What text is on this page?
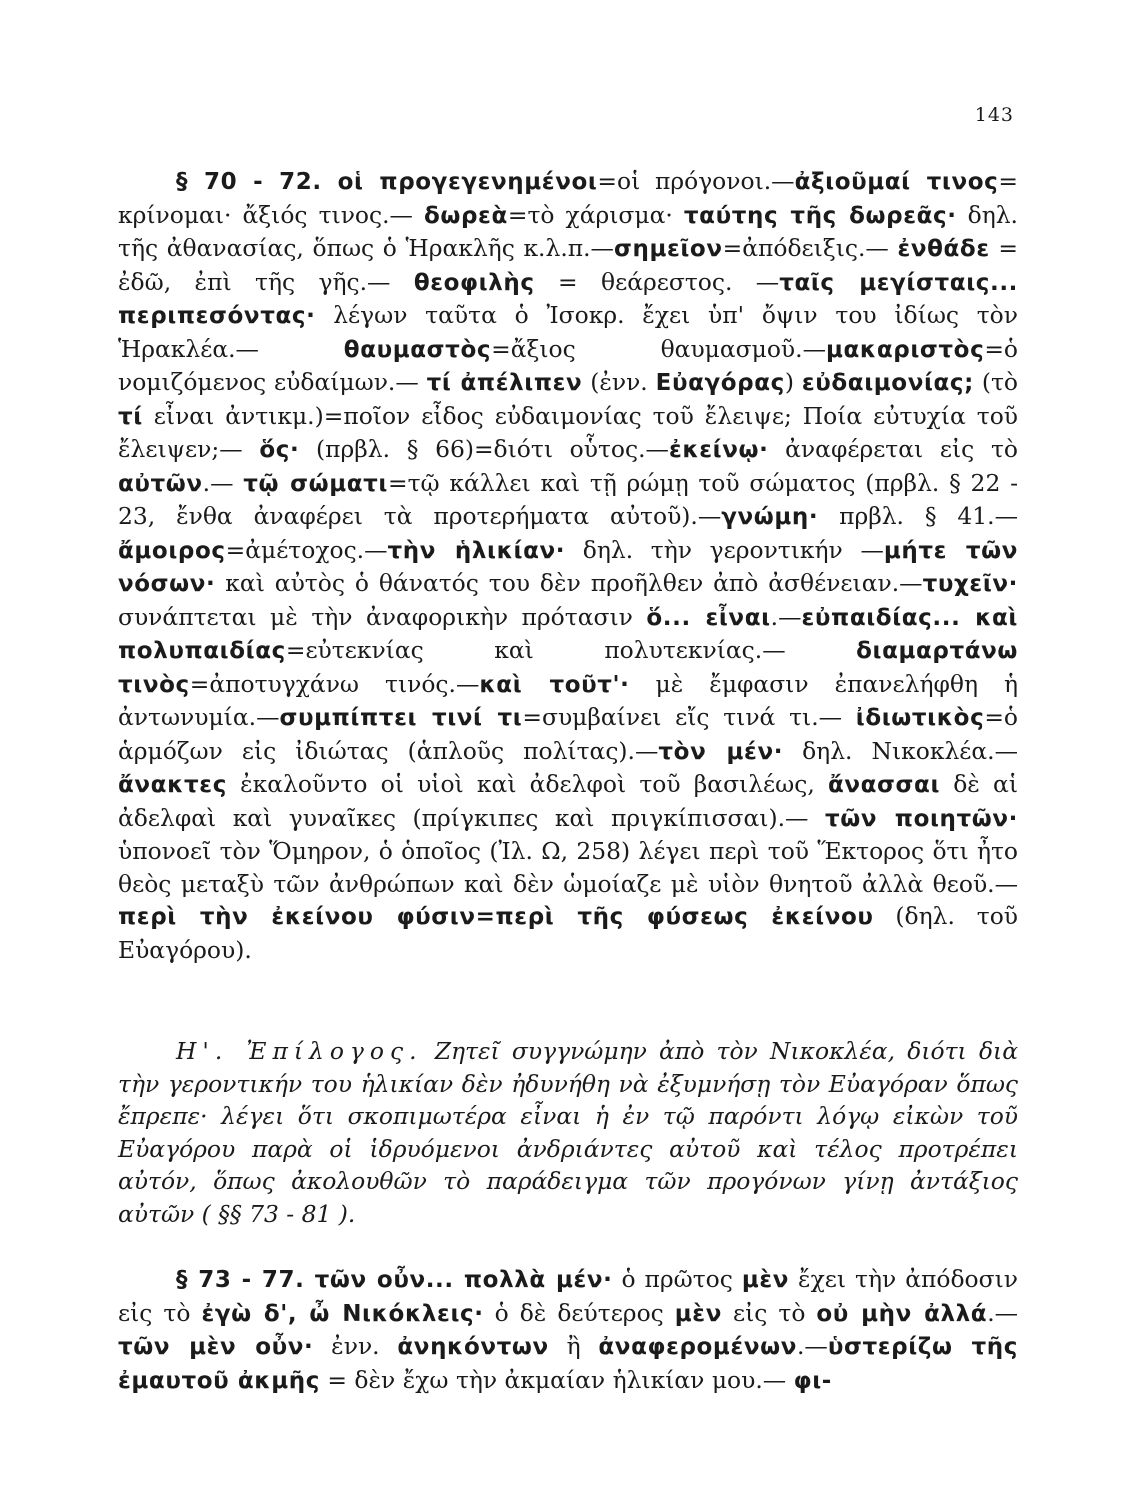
143

§ 70 - 72. οἱ προγεγενημένοι=οἱ πρόγονοι.—ἀξιοῦμαί τινος= κρίνομαι· ἄξιός τινος.— δωρεὰ=τὸ χάρισμα· ταύτης τῆς δωρεᾶς· δηλ. τῆς ἀθανασίας, ὅπως ὁ Ἡρακλῆς κ.λ.π.—σημεῖον=ἀπόδειξις.— ἐνθάδε = ἐδῶ, ἐπὶ τῆς γῆς.— θεοφιλὴς = θεάρεστος. —ταῖς μεγίσταις... περιπεσόντας· λέγων ταῦτα ὁ Ἰσοκρ. ἔχει ὑπ' ὄψιν του ἰδίως τὸν Ἡρακλέα.— θαυμαστὸς=ἄξιος θαυμασμοῦ.—μακαριστὸς=ὁ νομιζόμενος εὐδαίμων.— τί ἀπέλιπεν (ἐνν. Εὐαγόρας) εὐδαιμονίας; (τὸ τί εἶναι ἀντικμ.)=ποῖον εἶδος εὐδαιμονίας τοῦ ἔλειψε; Ποία εὐτυχία τοῦ ἔλειψεν;— ὅς· (πρβλ. § 66)=διότι οὗτος.—ἐκείνῳ· ἀναφέρεται εἰς τὸ αὐτῶν.— τῷ σώματι=τῷ κάλλει καὶ τῇ ρώμῃ τοῦ σώματος (πρβλ. § 22 - 23, ἔνθα ἀναφέρει τὰ προτερήματα αὐτοῦ).—γνώμη· πρβλ. § 41.— ἄμοιρος=ἀμέτοχος.—τὴν ἡλικίαν· δηλ. τὴν γεροντικήν —μήτε τῶν νόσων· καὶ αὐτὸς ὁ θάνατός του δὲν προῆλθεν ἀπὸ ἀσθένειαν.—τυχεῖν· συνάπτεται μὲ τὴν ἀναφορικὴν πρότασιν ὅ... εἶναι.—εὐπαιδίας... καὶ πολυπαιδίας=εὐτεκνίας καὶ πολυτεκνίας.— διαμαρτάνω τινὸς=ἀποτυγχάνω τινός.—καὶ τοῦτ'· μὲ ἔμφασιν ἐπανελήφθη ἡ ἀντωνυμία.—συμπίπτει τινί τι=συμβαίνει εἴς τινά τι.— ἰδιωτικὸς=ὁ ἁρμόζων εἰς ἰδιώτας (ἁπλοῦς πολίτας).—τὸν μέν· δηλ. Νικοκλέα.— ἄνακτες ἐκαλοῦντο οἱ υἱοὶ καὶ ἀδελφοὶ τοῦ βασιλέως, ἄνασσαι δὲ αἱ ἀδελφαὶ καὶ γυναῖκες (πρίγκιπες καὶ πριγκίπισσαι).— τῶν ποιητῶν· ὑπονοεῖ τὸν Ὅμηρον, ὁ ὁποῖος (Ἰλ. Ω, 258) λέγει περὶ τοῦ Ἕκτορος ὅτι ἦτο θεὸς μεταξὺ τῶν ἀνθρώπων καὶ δὲν ὡμοίαζε μὲ υἱὸν θνητοῦ ἀλλὰ θεοῦ.— περὶ τὴν ἐκείνου φύσιν=περὶ τῆς φύσεως ἐκείνου (δηλ. τοῦ Εὐαγόρου).

Η'. Ἐπίλογος. Ζητεῖ συγγνώμην ἀπὸ τὸν Νικοκλέα, διότι διὰ τὴν γεροντικήν του ἡλικίαν δὲν ἠδυνήθη νὰ ἐξυμνήσῃ τὸν Εὐαγόραν ὅπως ἔπρεπε· λέγει ὅτι σκοπιμωτέρα εἶναι ἡ ἐν τῷ παρόντι λόγῳ εἰκὼν τοῦ Εὐαγόρου παρὰ οἱ ἱδρυόμενοι ἀνδριάντες αὐτοῦ καὶ τέλος προτρέπει αὐτόν, ὅπως ἀκολουθῶν τὸ παράδειγμα τῶν προγόνων γίνῃ ἀντάξιος αὐτῶν ( §§ 73 - 81 ).

§ 73 - 77. τῶν οὖν... πολλὰ μέν· ὁ πρῶτος μὲν ἔχει τὴν ἀπόδοσιν εἰς τὸ ἐγὼ δ', ὦ Νικόκλεις· ὁ δὲ δεύτερος μὲν εἰς τὸ οὐ μὴν ἀλλά.—τῶν μὲν οὖν· ἐνν. ἀνηκόντων ἢ ἀναφερομένων.—ὑστερίζω τῆς ἐμαυτοῦ ἀκμῆς = δὲν ἔχω τὴν ἀκμαίαν ἡλικίαν μου.— φι-
